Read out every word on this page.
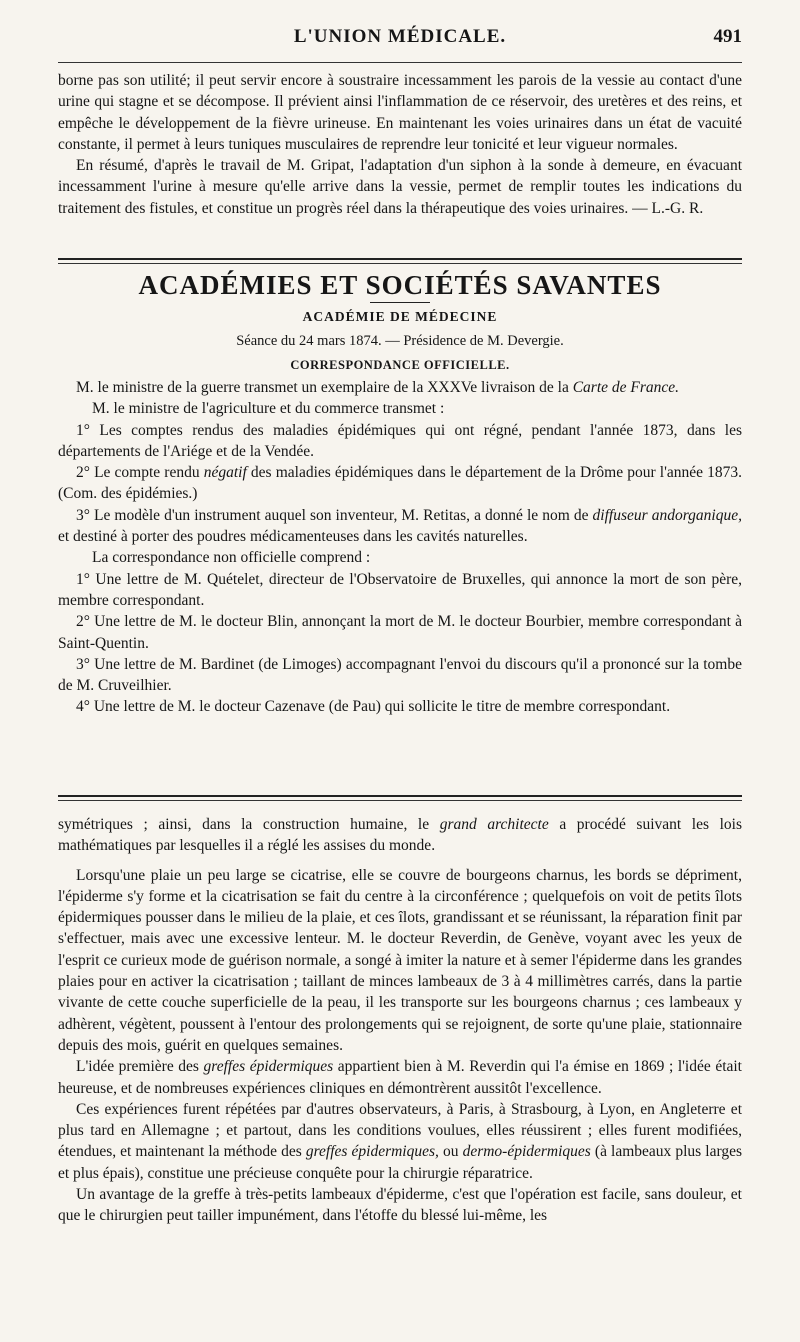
L'UNION MÉDICALE.	491

borne pas son utilité; il peut servir encore à soustraire incessamment les parois de la vessie au contact d'une urine qui stagne et se décompose. Il prévient ainsi l'inflammation de ce réservoir, des uretères et des reins, et empêche le développement de la fièvre urineuse. En maintenant les voies urinaires dans un état de vacuité constante, il permet à leurs tuniques musculaires de reprendre leur tonicité et leur vigueur normales.

En résumé, d'après le travail de M. Gripat, l'adaptation d'un siphon à la sonde à demeure, en évacuant incessamment l'urine à mesure qu'elle arrive dans la vessie, permet de remplir toutes les indications du traitement des fistules, et constitue un progrès réel dans la thérapeutique des voies urinaires. — L.-G. R.

ACADÉMIES ET SOCIÉTÉS SAVANTES
ACADÉMIE DE MÉDECINE
Séance du 24 mars 1874. — Présidence de M. Devergie.
CORRESPONDANCE OFFICIELLE.

M. le ministre de la guerre transmet un exemplaire de la XXXVe livraison de la Carte de France.

M. le ministre de l'agriculture et du commerce transmet :

1° Les comptes rendus des maladies épidémiques qui ont régné, pendant l'année 1873, dans les départements de l'Ariége et de la Vendée.

2° Le compte rendu négatif des maladies épidémiques dans le département de la Drôme pour l'année 1873. (Com. des épidémies.)

3° Le modèle d'un instrument auquel son inventeur, M. Retitas, a donné le nom de diffuseur andorganique, et destiné à porter des poudres médicamenteuses dans les cavités naturelles.

La correspondance non officielle comprend :

1° Une lettre de M. Quételet, directeur de l'Observatoire de Bruxelles, qui annonce la mort de son père, membre correspondant.

2° Une lettre de M. le docteur Blin, annonçant la mort de M. le docteur Bourbier, membre correspondant à Saint-Quentin.

3° Une lettre de M. Bardinet (de Limoges) accompagnant l'envoi du discours qu'il a prononcé sur la tombe de M. Cruveilhier.

4° Une lettre de M. le docteur Cazenave (de Pau) qui sollicite le titre de membre correspondant.

symétriques ; ainsi, dans la construction humaine, le grand architecte a procédé suivant les lois mathématiques par lesquelles il a réglé les assises du monde.

Lorsqu'une plaie un peu large se cicatrise, elle se couvre de bourgeons charnus, les bords se dépriment, l'épiderme s'y forme et la cicatrisation se fait du centre à la circonférence ; quelquefois on voit de petits îlots épidermiques pousser dans le milieu de la plaie, et ces îlots, grandissant et se réunissant, la réparation finit par s'effectuer, mais avec une excessive lenteur. M. le docteur Reverdin, de Genève, voyant avec les yeux de l'esprit ce curieux mode de guérison normale, a songé à imiter la nature et à semer l'épiderme dans les grandes plaies pour en activer la cicatrisation ; taillant de minces lambeaux de 3 à 4 millimètres carrés, dans la partie vivante de cette couche superficielle de la peau, il les transporte sur les bourgeons charnus ; ces lambeaux y adhèrent, végètent, poussent à l'entour des prolongements qui se rejoignent, de sorte qu'une plaie, stationnaire depuis des mois, guérit en quelques semaines.

L'idée première des greffes épidermiques appartient bien à M. Reverdin qui l'a émise en 1869 ; l'idée était heureuse, et de nombreuses expériences cliniques en démontrèrent aussitôt l'excellence.

Ces expériences furent répétées par d'autres observateurs, à Paris, à Strasbourg, à Lyon, en Angleterre et plus tard en Allemagne ; et partout, dans les conditions voulues, elles réussirent ; elles furent modifiées, étendues, et maintenant la méthode des greffes épidermiques, ou dermo-épidermiques (à lambeaux plus larges et plus épais), constitue une précieuse conquête pour la chirurgie réparatrice.

Un avantage de la greffe à très-petits lambeaux d'épiderme, c'est que l'opération est facile, sans douleur, et que le chirurgien peut tailler impunément, dans l'étoffe du blessé lui-même, les
